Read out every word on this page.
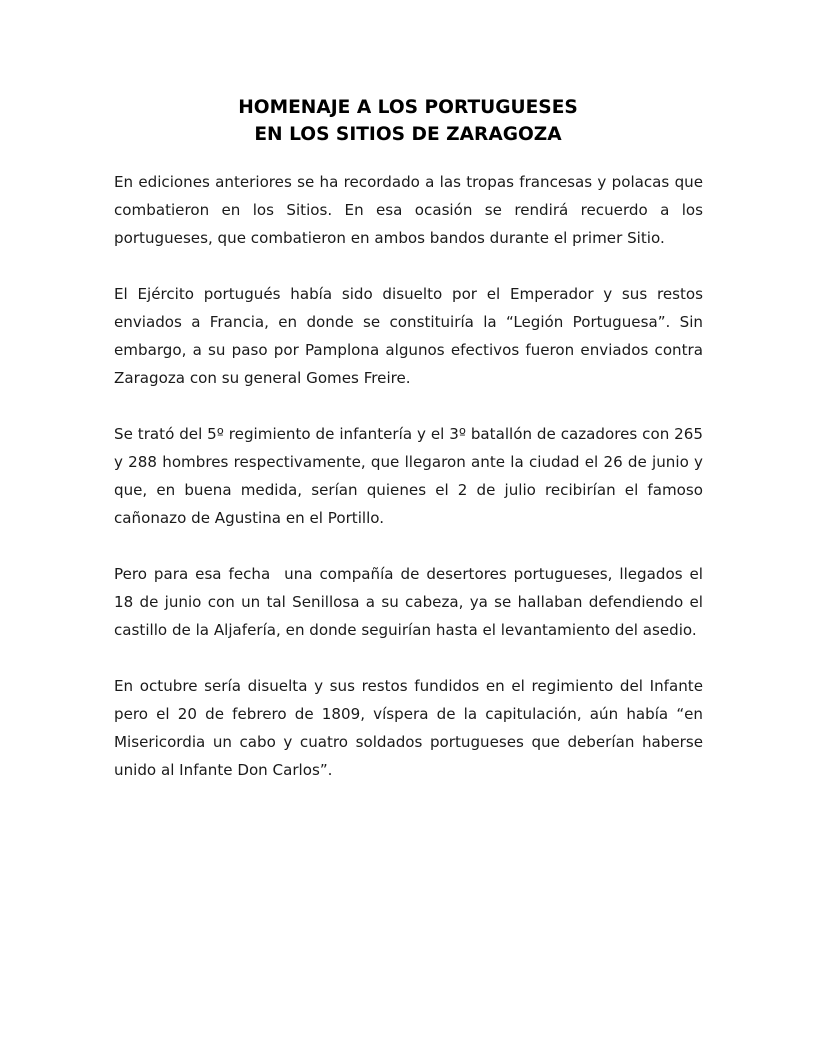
HOMENAJE A LOS PORTUGUESES
EN LOS SITIOS DE ZARAGOZA

En ediciones anteriores se ha recordado a las tropas francesas y polacas que combatieron en los Sitios. En esa ocasión se rendirá recuerdo a los portugueses, que combatieron en ambos bandos durante el primer Sitio.

El Ejército portugués había sido disuelto por el Emperador y sus restos enviados a Francia, en donde se constituiría la “Legión Portuguesa”. Sin embargo, a su paso por Pamplona algunos efectivos fueron enviados contra Zaragoza con su general Gomes Freire.

Se trató del 5º regimiento de infantería y el 3º batallón de cazadores con 265 y 288 hombres respectivamente, que llegaron ante la ciudad el 26 de junio y que, en buena medida, serían quienes el 2 de julio recibirían el famoso cañonazo de Agustina en el Portillo.

Pero para esa fecha  una compañía de desertores portugueses, llegados el 18 de junio con un tal Senillosa a su cabeza, ya se hallaban defendiendo el castillo de la Aljafería, en donde seguirían hasta el levantamiento del asedio.

En octubre sería disuelta y sus restos fundidos en el regimiento del Infante pero el 20 de febrero de 1809, víspera de la capitulación, aún había “en Misericordia un cabo y cuatro soldados portugueses que deberían haberse unido al Infante Don Carlos”.
